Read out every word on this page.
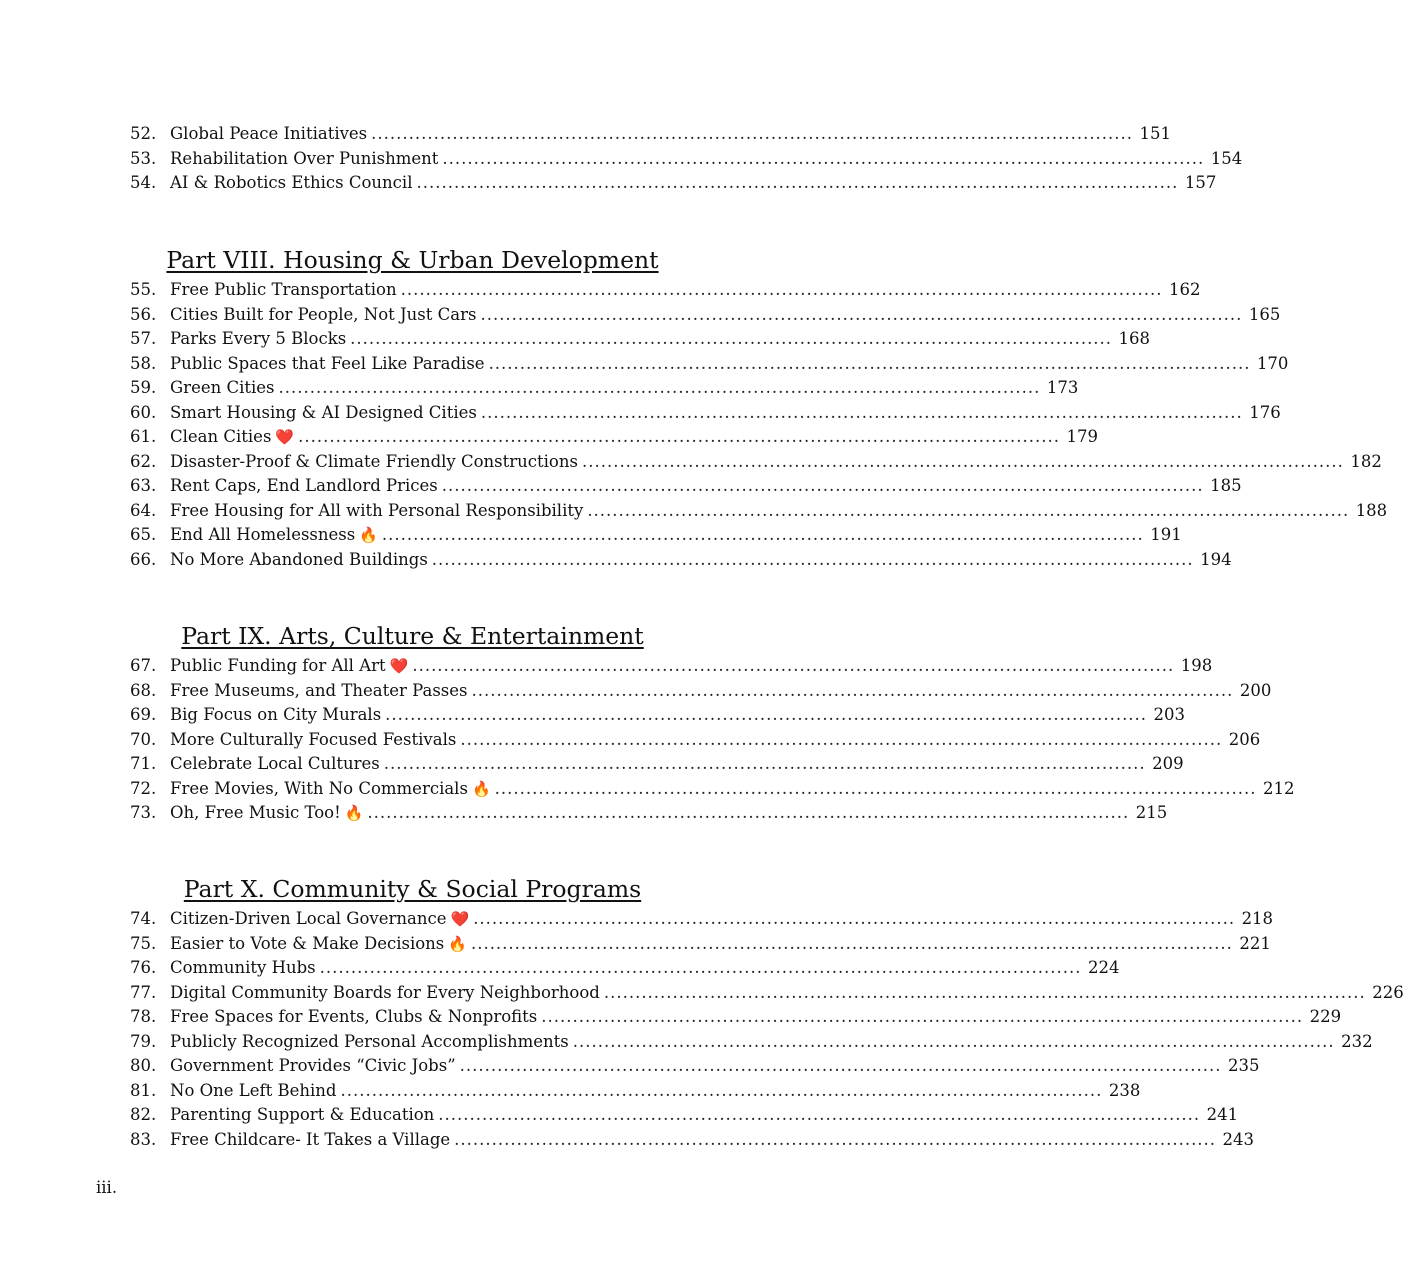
52. Global Peace Initiatives .......................................................................................................................... 151
53. Rehabilitation Over Punishment .......................................................................................................................... 154
54. AI & Robotics Ethics Council .......................................................................................................................... 157
Part VIII. Housing & Urban Development
55. Free Public Transportation .......................................................................................................................... 162
56. Cities Built for People, Not Just Cars .......................................................................................................................... 165
57. Parks Every 5 Blocks .......................................................................................................................... 168
58. Public Spaces that Feel Like Paradise .......................................................................................................................... 170
59. Green Cities .......................................................................................................................... 173
60. Smart Housing & AI Designed Cities .......................................................................................................................... 176
61. Clean Cities ❤️ .......................................................................................................................... 179
62. Disaster-Proof & Climate Friendly Constructions .......................................................................................................................... 182
63. Rent Caps, End Landlord Prices .......................................................................................................................... 185
64. Free Housing for All with Personal Responsibility .......................................................................................................................... 188
65. End All Homelessness 🔥 .......................................................................................................................... 191
66. No More Abandoned Buildings .......................................................................................................................... 194
Part IX. Arts, Culture & Entertainment
67. Public Funding for All Art ❤️ .......................................................................................................................... 198
68. Free Museums, and Theater Passes .......................................................................................................................... 200
69. Big Focus on City Murals .......................................................................................................................... 203
70. More Culturally Focused Festivals .......................................................................................................................... 206
71. Celebrate Local Cultures .......................................................................................................................... 209
72. Free Movies, With No Commercials 🔥 .......................................................................................................................... 212
73. Oh, Free Music Too! 🔥 .......................................................................................................................... 215
Part X. Community & Social Programs
74. Citizen-Driven Local Governance ❤️ .......................................................................................................................... 218
75. Easier to Vote & Make Decisions 🔥 .......................................................................................................................... 221
76. Community Hubs .......................................................................................................................... 224
77. Digital Community Boards for Every Neighborhood .......................................................................................................................... 226
78. Free Spaces for Events, Clubs & Nonprofits .......................................................................................................................... 229
79. Publicly Recognized Personal Accomplishments .......................................................................................................................... 232
80. Government Provides “Civic Jobs” .......................................................................................................................... 235
81. No One Left Behind .......................................................................................................................... 238
82. Parenting Support & Education .......................................................................................................................... 241
83. Free Childcare- It Takes a Village .......................................................................................................................... 243
iii.
